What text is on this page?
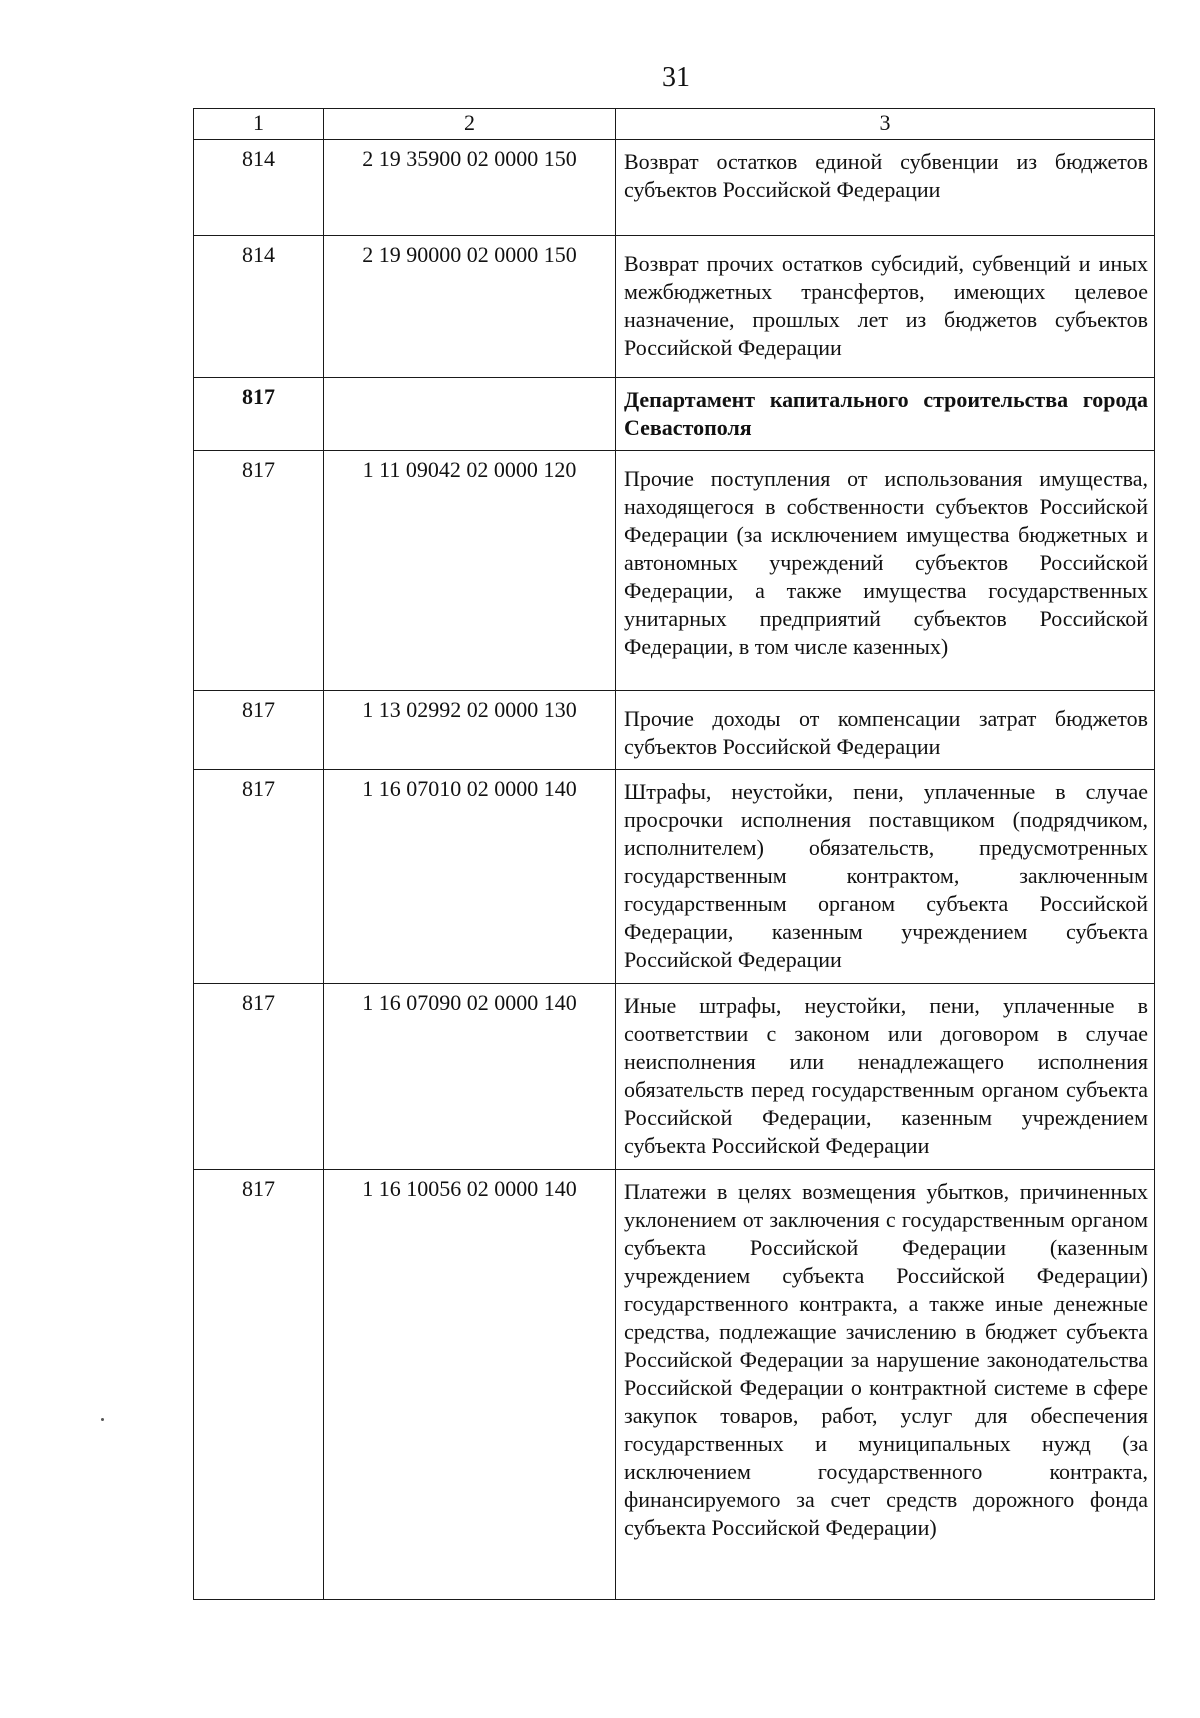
31
1	2	3
814	2 19 35900 02 0000 150	Возврат остатков единой субвенции из бюджетов субъектов Российской Федерации
814	2 19 90000 02 0000 150	Возврат прочих остатков субсидий, субвенций и иных межбюджетных трансфертов, имеющих целевое назначение, прошлых лет из бюджетов субъектов Российской Федерации
817		Департамент капитального строительства города Севастополя
817	1 11 09042 02 0000 120	Прочие поступления от использования имущества, находящегося в собственности субъектов Российской Федерации (за исключением имущества бюджетных и автономных учреждений субъектов Российской Федерации, а также имущества государственных унитарных предприятий субъектов Российской Федерации, в том числе казенных)
817	1 13 02992 02 0000 130	Прочие доходы от компенсации затрат бюджетов субъектов Российской Федерации
817	1 16 07010 02 0000 140	Штрафы, неустойки, пени, уплаченные в случае просрочки исполнения поставщиком (подрядчиком, исполнителем) обязательств, предусмотренных государственным контрактом, заключенным государственным органом субъекта Российской Федерации, казенным учреждением субъекта Российской Федерации
817	1 16 07090 02 0000 140	Иные штрафы, неустойки, пени, уплаченные в соответствии с законом или договором в случае неисполнения или ненадлежащего исполнения обязательств перед государственным органом субъекта Российской Федерации, казенным учреждением субъекта Российской Федерации
817	1 16 10056 02 0000 140	Платежи в целях возмещения убытков, причиненных уклонением от заключения с государственным органом субъекта Российской Федерации (казенным учреждением субъекта Российской Федерации) государственного контракта, а также иные денежные средства, подлежащие зачислению в бюджет субъекта Российской Федерации за нарушение законодательства Российской Федерации о контрактной системе в сфере закупок товаров, работ, услуг для обеспечения государственных и муниципальных нужд (за исключением государственного контракта, финансируемого за счет средств дорожного фонда субъекта Российской Федерации)
